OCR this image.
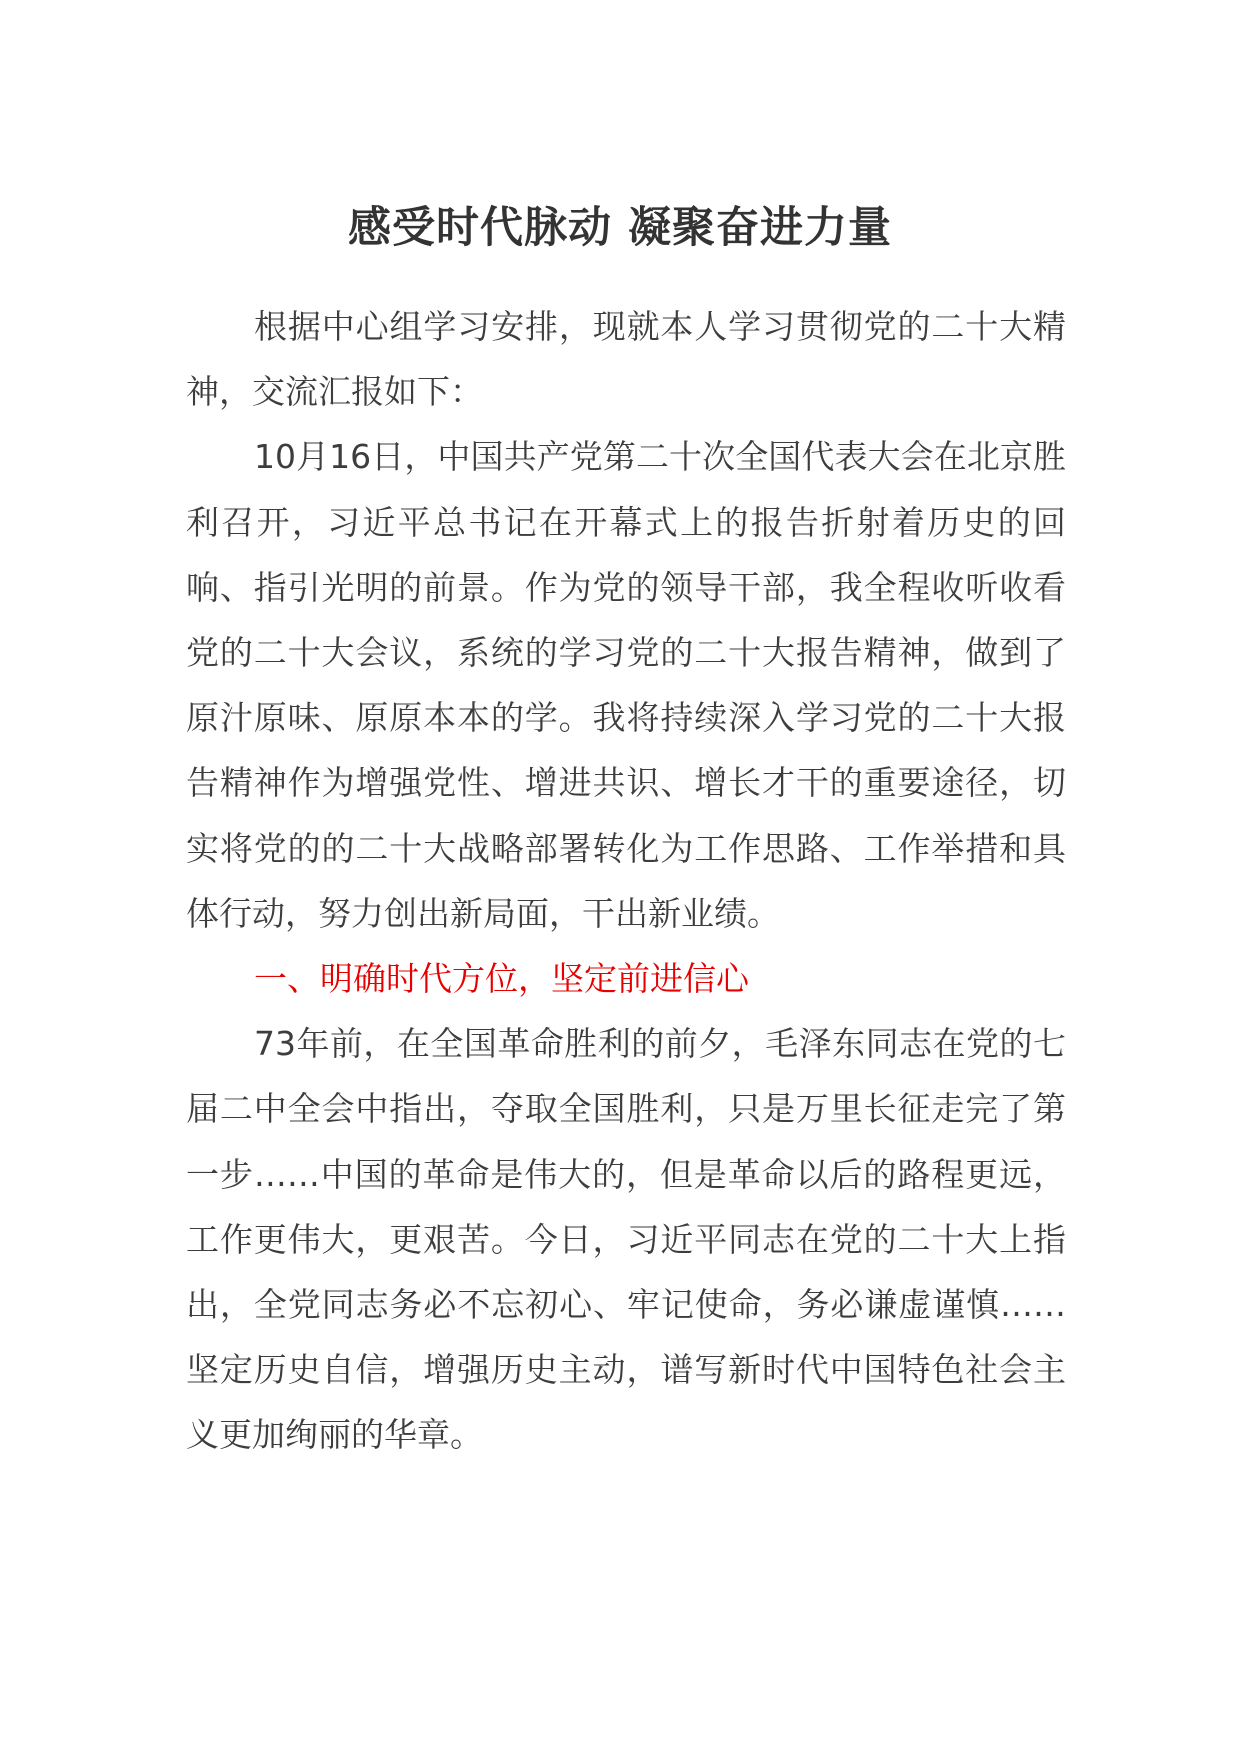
感受时代脉动 凝聚奋进力量

根据中心组学习安排，现就本人学习贯彻党的二十大精神，交流汇报如下：

10月16日，中国共产党第二十次全国代表大会在北京胜利召开，习近平总书记在开幕式上的报告折射着历史的回响、指引光明的前景。作为党的领导干部，我全程收听收看党的二十大会议，系统的学习党的二十大报告精神，做到了原汁原味、原原本本的学。我将持续深入学习党的二十大报告精神作为增强党性、增进共识、增长才干的重要途径，切实将党的的二十大战略部署转化为工作思路、工作举措和具体行动，努力创出新局面，干出新业绩。

一、明确时代方位，坚定前进信心

73年前，在全国革命胜利的前夕，毛泽东同志在党的七届二中全会中指出，夺取全国胜利，只是万里长征走完了第一步……中国的革命是伟大的，但是革命以后的路程更远，工作更伟大，更艰苦。今日，习近平同志在党的二十大上指出，全党同志务必不忘初心、牢记使命，务必谦虚谨慎……坚定历史自信，增强历史主动，谱写新时代中国特色社会主义更加绚丽的华章。
